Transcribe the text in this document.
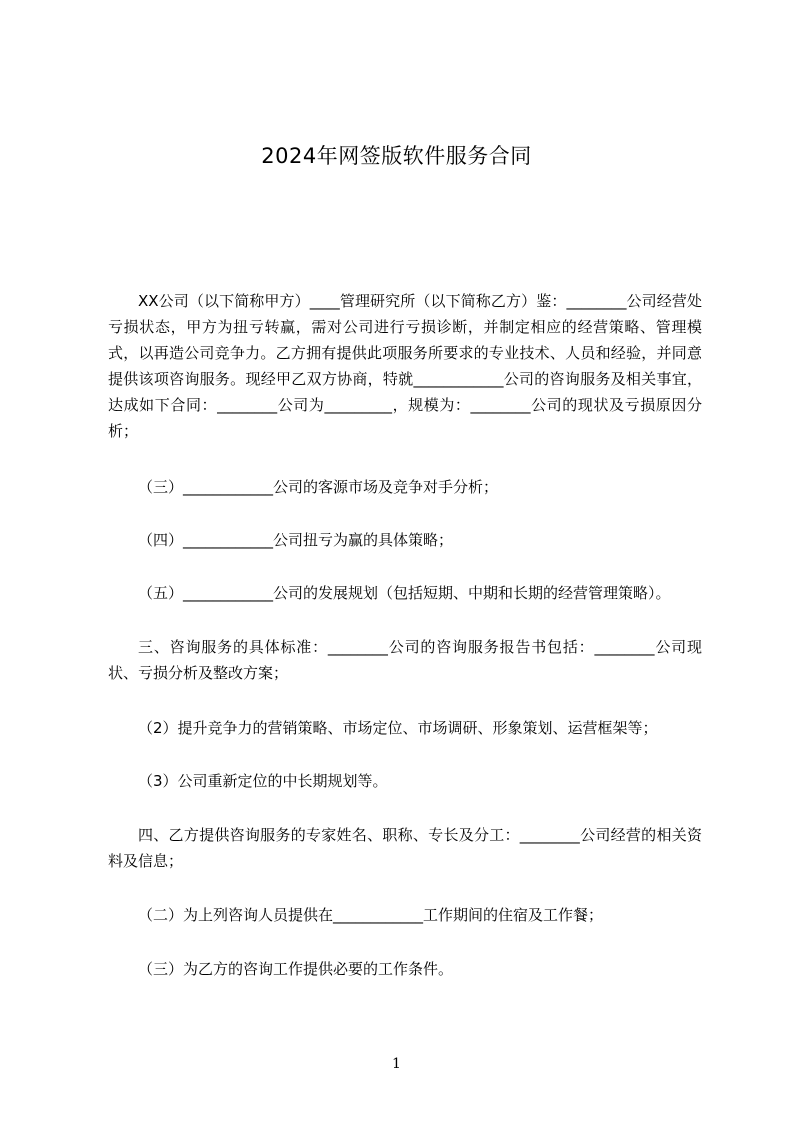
2024年网签版软件服务合同

XX公司（以下简称甲方）____管理研究所（以下简称乙方）鉴：________公司经营处亏损状态，甲方为扭亏转赢，需对公司进行亏损诊断，并制定相应的经营策略、管理模式，以再造公司竞争力。乙方拥有提供此项服务所要求的专业技术、人员和经验，并同意提供该项咨询服务。现经甲乙双方协商，特就____________公司的咨询服务及相关事宜，达成如下合同：________公司为_________，规模为：________公司的现状及亏损原因分析；

（三）____________公司的客源市场及竞争对手分析；

（四）____________公司扭亏为赢的具体策略；

（五）____________公司的发展规划（包括短期、中期和长期的经营管理策略）。

三、咨询服务的具体标准：________公司的咨询服务报告书包括：________公司现状、亏损分析及整改方案；

（2）提升竞争力的营销策略、市场定位、市场调研、形象策划、运营框架等；

（3）公司重新定位的中长期规划等。

四、乙方提供咨询服务的专家姓名、职称、专长及分工：________公司经营的相关资料及信息；

（二）为上列咨询人员提供在____________工作期间的住宿及工作餐；

（三）为乙方的咨询工作提供必要的工作条件。

1
